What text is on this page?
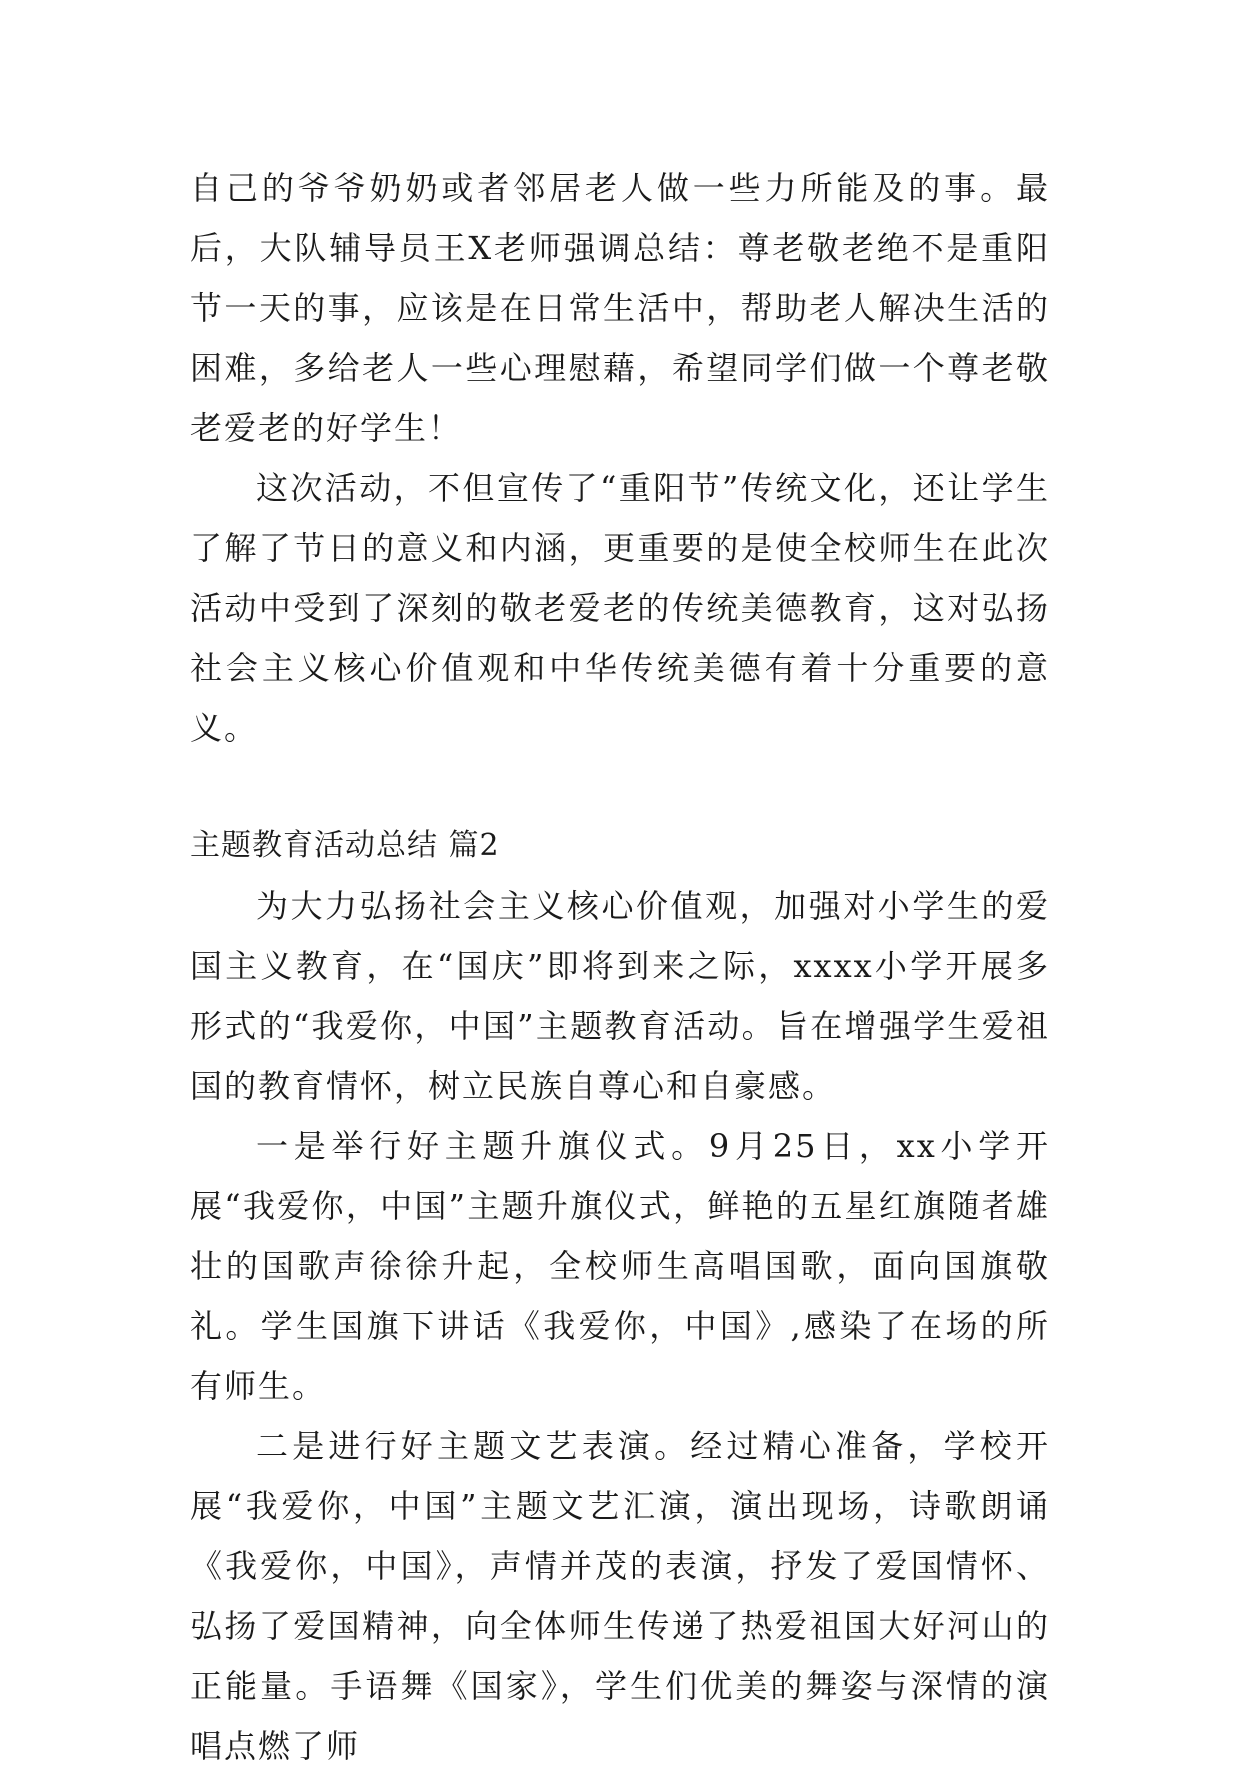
自己的爷爷奶奶或者邻居老人做一些力所能及的事。最后，大队辅导员王X老师强调总结：尊老敬老绝不是重阳节一天的事，应该是在日常生活中，帮助老人解决生活的困难，多给老人一些心理慰藉，希望同学们做一个尊老敬老爱老的好学生！

这次活动，不但宣传了“重阳节”传统文化，还让学生了解了节日的意义和内涵，更重要的是使全校师生在此次活动中受到了深刻的敬老爱老的传统美德教育，这对弘扬社会主义核心价值观和中华传统美德有着十分重要的意义。

主题教育活动总结 篇2

为大力弘扬社会主义核心价值观，加强对小学生的爱国主义教育，在“国庆”即将到来之际，xxxx小学开展多形式的“我爱你，中国”主题教育活动。旨在增强学生爱祖国的教育情怀，树立民族自尊心和自豪感。

一是举行好主题升旗仪式。9月25日，xx小学开展“我爱你，中国”主题升旗仪式，鲜艳的五星红旗随者雄壮的国歌声徐徐升起，全校师生高唱国歌，面向国旗敬礼。学生国旗下讲话《我爱你，中国》,感染了在场的所有师生。

二是进行好主题文艺表演。经过精心准备，学校开展“我爱你，中国”主题文艺汇演，演出现场，诗歌朗诵《我爱你，中国》，声情并茂的表演，抒发了爱国情怀、弘扬了爱国精神，向全体师生传递了热爱祖国大好河山的正能量。手语舞《国家》，学生们优美的舞姿与深情的演唱点燃了师
